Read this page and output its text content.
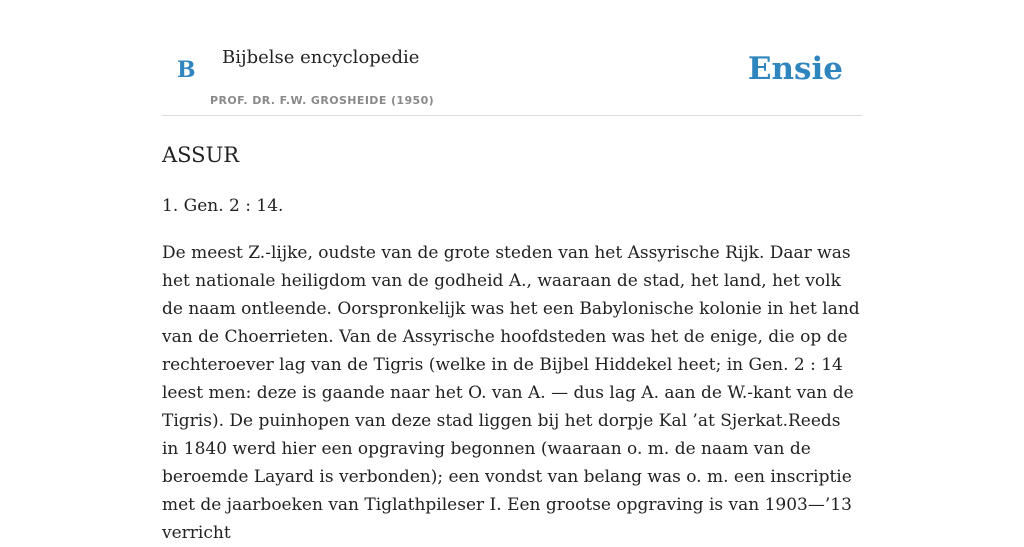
B Bijbelse encyclopedie
PROF. DR. F.W. GROSHEIDE (1950)
Ensie
ASSUR

1. Gen. 2 : 14.

De meest Z.-lijke, oudste van de grote steden van het Assyrische Rijk. Daar was het nationale heiligdom van de godheid A., waaraan de stad, het land, het volk de naam ontleende. Oorspronkelijk was het een Babylonische kolonie in het land van de Choerrieten. Van de Assyrische hoofdsteden was het de enige, die op de rechteroever lag van de Tigris (welke in de Bijbel Hiddekel heet; in Gen. 2 : 14 leest men: deze is gaande naar het O. van A. — dus lag A. aan de W.-kant van de Tigris). De puinhopen van deze stad liggen bij het dorpje Kal ’at Sjerkat.Reeds in 1840 werd hier een opgraving begonnen (waaraan o. m. de naam van de beroemde Layard is verbonden); een vondst van belang was o. m. een inscriptie met de jaarboeken van Tiglathpileser I. Een grootse opgraving is van 1903—’13 verricht
